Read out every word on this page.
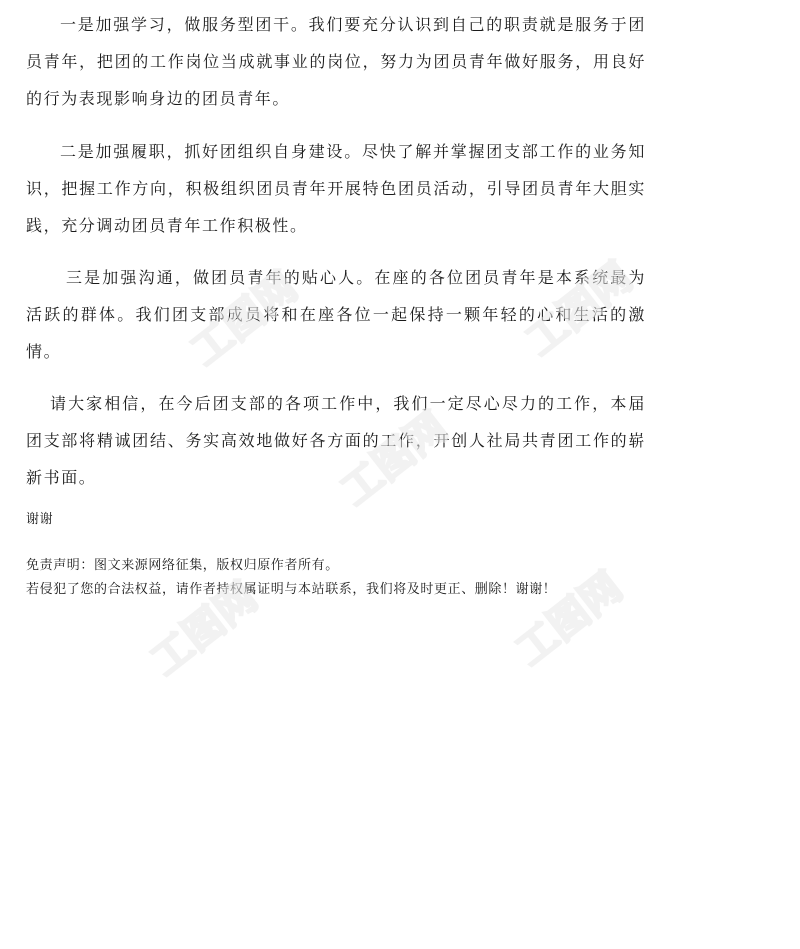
一是加强学习，做服务型团干。我们要充分认识到自己的职责就是服务于团员青年，把团的工作岗位当成就事业的岗位，努力为团员青年做好服务，用良好的行为表现影响身边的团员青年。

二是加强履职，抓好团组织自身建设。尽快了解并掌握团支部工作的业务知识，把握工作方向，积极组织团员青年开展特色团员活动，引导团员青年大胆实践，充分调动团员青年工作积极性。

三是加强沟通，做团员青年的贴心人。在座的各位团员青年是本系统最为活跃的群体。我们团支部成员将和在座各位一起保持一颗年轻的心和生活的激情。

请大家相信，在今后团支部的各项工作中，我们一定尽心尽力的工作，本届团支部将精诚团结、务实高效地做好各方面的工作，开创人社局共青团工作的崭新书面。

谢谢

免责声明：图文来源网络征集，版权归原作者所有。

若侵犯了您的合法权益，请作者持权属证明与本站联系，我们将及时更正、删除！谢谢！

工图网	工图网
工图网
工图网	工图网
